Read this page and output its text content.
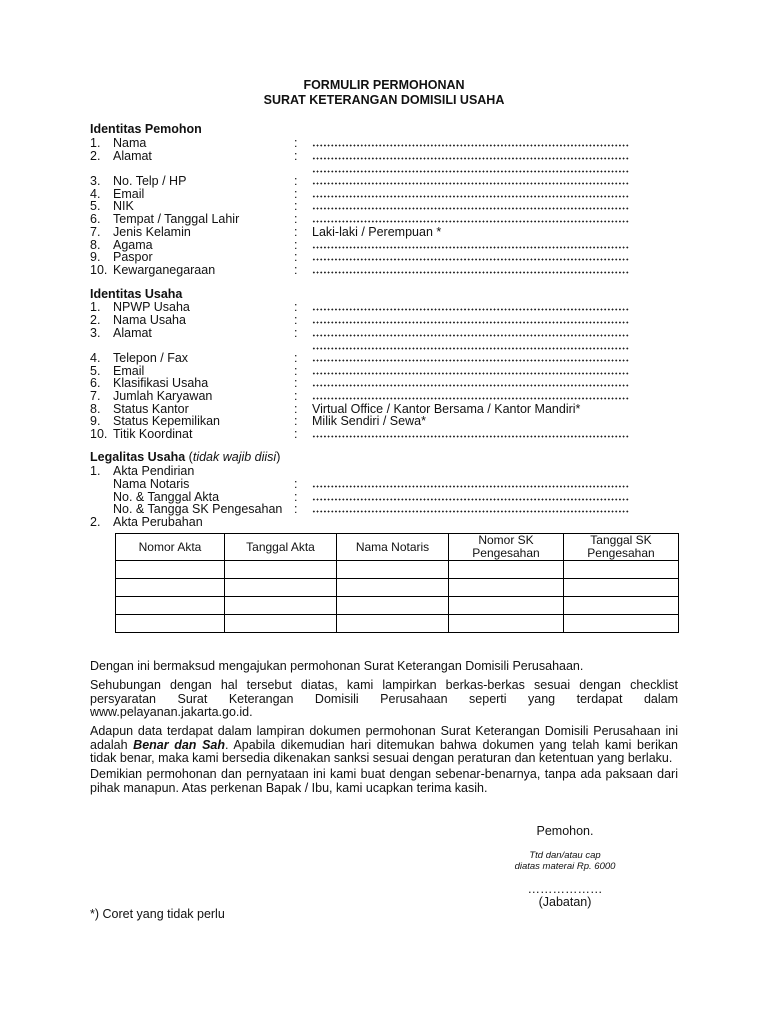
FORMULIR PERMOHONAN
SURAT KETERANGAN DOMISILI USAHA
Identitas Pemohon
1. Nama	:
2. Alamat	:
3. No. Telp / HP	:
4. Email	:
5. NIK	:
6. Tempat / Tanggal Lahir	:
7. Jenis Kelamin	: Laki-laki / Perempuan *
8. Agama	:
9. Paspor	:
10. Kewarganegaraan	:
Identitas Usaha
1. NPWP Usaha	:
2. Nama Usaha	:
3. Alamat	:
4. Telepon / Fax	:
5. Email	:
6. Klasifikasi Usaha	:
7. Jumlah Karyawan	:
8. Status Kantor	: Virtual Office / Kantor Bersama / Kantor Mandiri*
9. Status Kepemilikan	: Milik Sendiri / Sewa*
10. Titik Koordinat	:
Legalitas Usaha (tidak wajib diisi)
1. Akta Pendirian
Nama Notaris	:
No. & Tanggal Akta	:
No. & Tangga SK Pengesahan :
2. Akta Perubahan
Nomor Akta	Tanggal Akta	Nama Notaris	Nomor SK Pengesahan	Tanggal SK Pengesahan

Dengan ini bermaksud mengajukan permohonan Surat Keterangan Domisili Perusahaan.
Sehubungan dengan hal tersebut diatas, kami lampirkan berkas-berkas sesuai dengan checklist persyaratan Surat Keterangan Domisili Perusahaan seperti yang terdapat dalam www.pelayanan.jakarta.go.id.
Adapun data terdapat dalam lampiran dokumen permohonan Surat Keterangan Domisili Perusahaan ini adalah Benar dan Sah. Apabila dikemudian hari ditemukan bahwa dokumen yang telah kami berikan tidak benar, maka kami bersedia dikenakan sanksi sesuai dengan peraturan dan ketentuan yang berlaku.
Demikian permohonan dan pernyataan ini kami buat dengan sebenar-benarnya, tanpa ada paksaan dari pihak manapun. Atas perkenan Bapak / Ibu, kami ucapkan terima kasih.
Pemohon.
Ttd dan/atau cap
diatas materai Rp. 6000
………………
(Jabatan)
*) Coret yang tidak perlu
